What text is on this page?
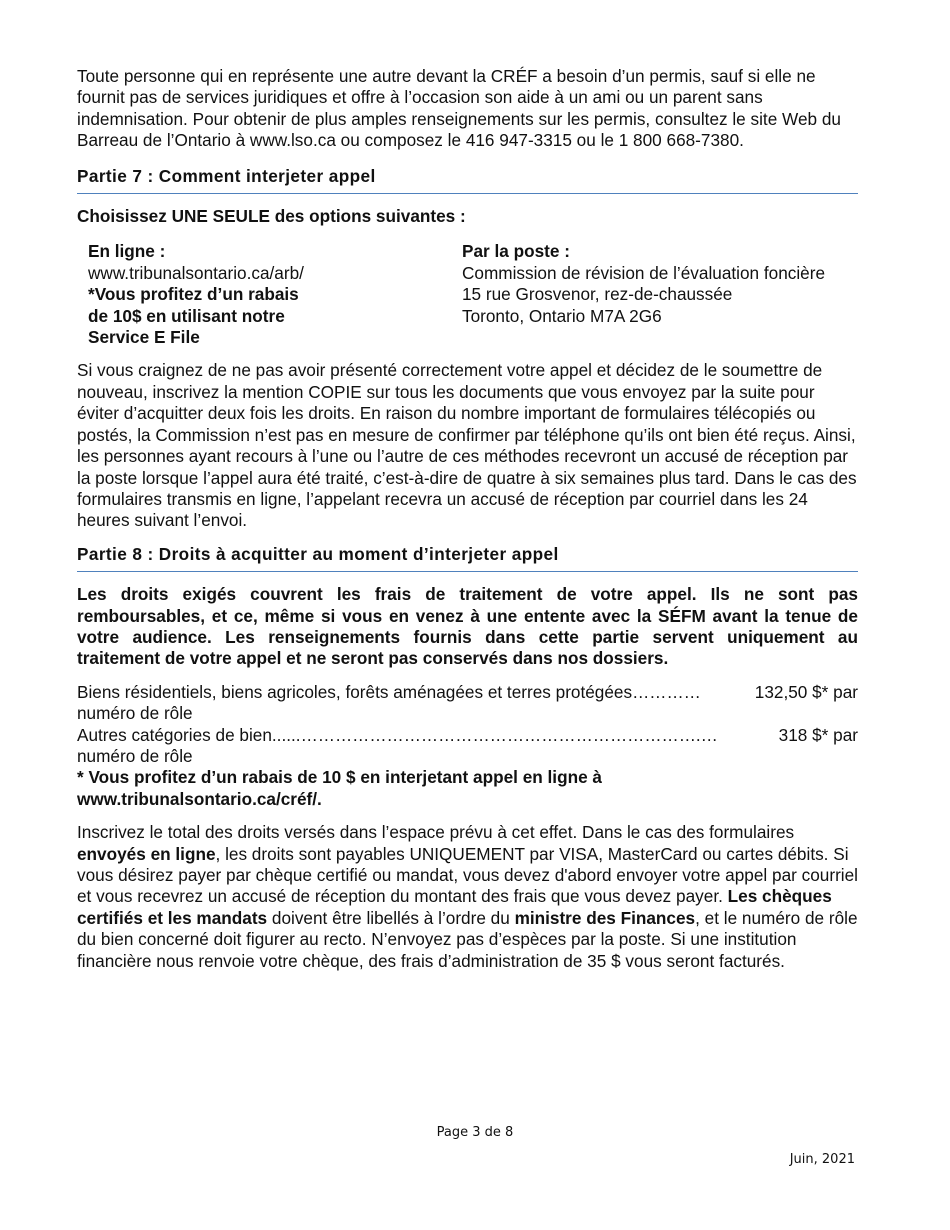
Toute personne qui en représente une autre devant la CRÉF a besoin d’un permis, sauf si elle ne fournit pas de services juridiques et offre à l’occasion son aide à un ami ou un parent sans indemnisation. Pour obtenir de plus amples renseignements sur les permis, consultez le site Web du Barreau de l’Ontario à www.lso.ca ou composez le 416 947-3315 ou le 1 800 668-7380.

Partie 7 : Comment interjeter appel
Choisissez UNE SEULE des options suivantes :
En ligne :
www.tribunalsontario.ca/arb/
*Vous profitez d’un rabais
de 10$ en utilisant notre
Service E File
Par la poste :
Commission de révision de l’évaluation foncière
15 rue Grosvenor, rez-de-chaussée
Toronto, Ontario M7A 2G6

Si vous craignez de ne pas avoir présenté correctement votre appel et décidez de le soumettre de nouveau, inscrivez la mention COPIE sur tous les documents que vous envoyez par la suite pour éviter d’acquitter deux fois les droits. En raison du nombre important de formulaires télécopiés ou postés, la Commission n’est pas en mesure de confirmer par téléphone qu’ils ont bien été reçus. Ainsi, les personnes ayant recours à l’une ou l’autre de ces méthodes recevront un accusé de réception par la poste lorsque l’appel aura été traité, c’est-à-dire de quatre à six semaines plus tard. Dans le cas des formulaires transmis en ligne, l’appelant recevra un accusé de réception par courriel dans les 24 heures suivant l’envoi.

Partie 8 : Droits à acquitter au moment d’interjeter appel

Les droits exigés couvrent les frais de traitement de votre appel. Ils ne sont pas remboursables, et ce, même si vous en venez à une entente avec la SÉFM avant la tenue de votre audience. Les renseignements fournis dans cette partie servent uniquement au traitement de votre appel et ne seront pas conservés dans nos dossiers.

Biens résidentiels, biens agricoles, forêts aménagées et terres protégées…………	132,50 $* par
numéro de rôle
Autres catégories de bien......…………………………………………………………….…	318 $* par
numéro de rôle
* Vous profitez d’un rabais de 10 $ en interjetant appel en ligne à
www.tribunalsontario.ca/créf/.

Inscrivez le total des droits versés dans l’espace prévu à cet effet. Dans le cas des formulaires envoyés en ligne, les droits sont payables UNIQUEMENT par VISA, MasterCard ou cartes débits. Si vous désirez payer par chèque certifié ou mandat, vous devez d'abord envoyer votre appel par courriel et vous recevrez un accusé de réception du montant des frais que vous devez payer. Les chèques certifiés et les mandats doivent être libellés à l’ordre du ministre des Finances, et le numéro de rôle du bien concerné doit figurer au recto. N’envoyez pas d’espèces par la poste. Si une institution financière nous renvoie votre chèque, des frais d’administration de 35 $ vous seront facturés.

Page 3 de 8
Juin, 2021
